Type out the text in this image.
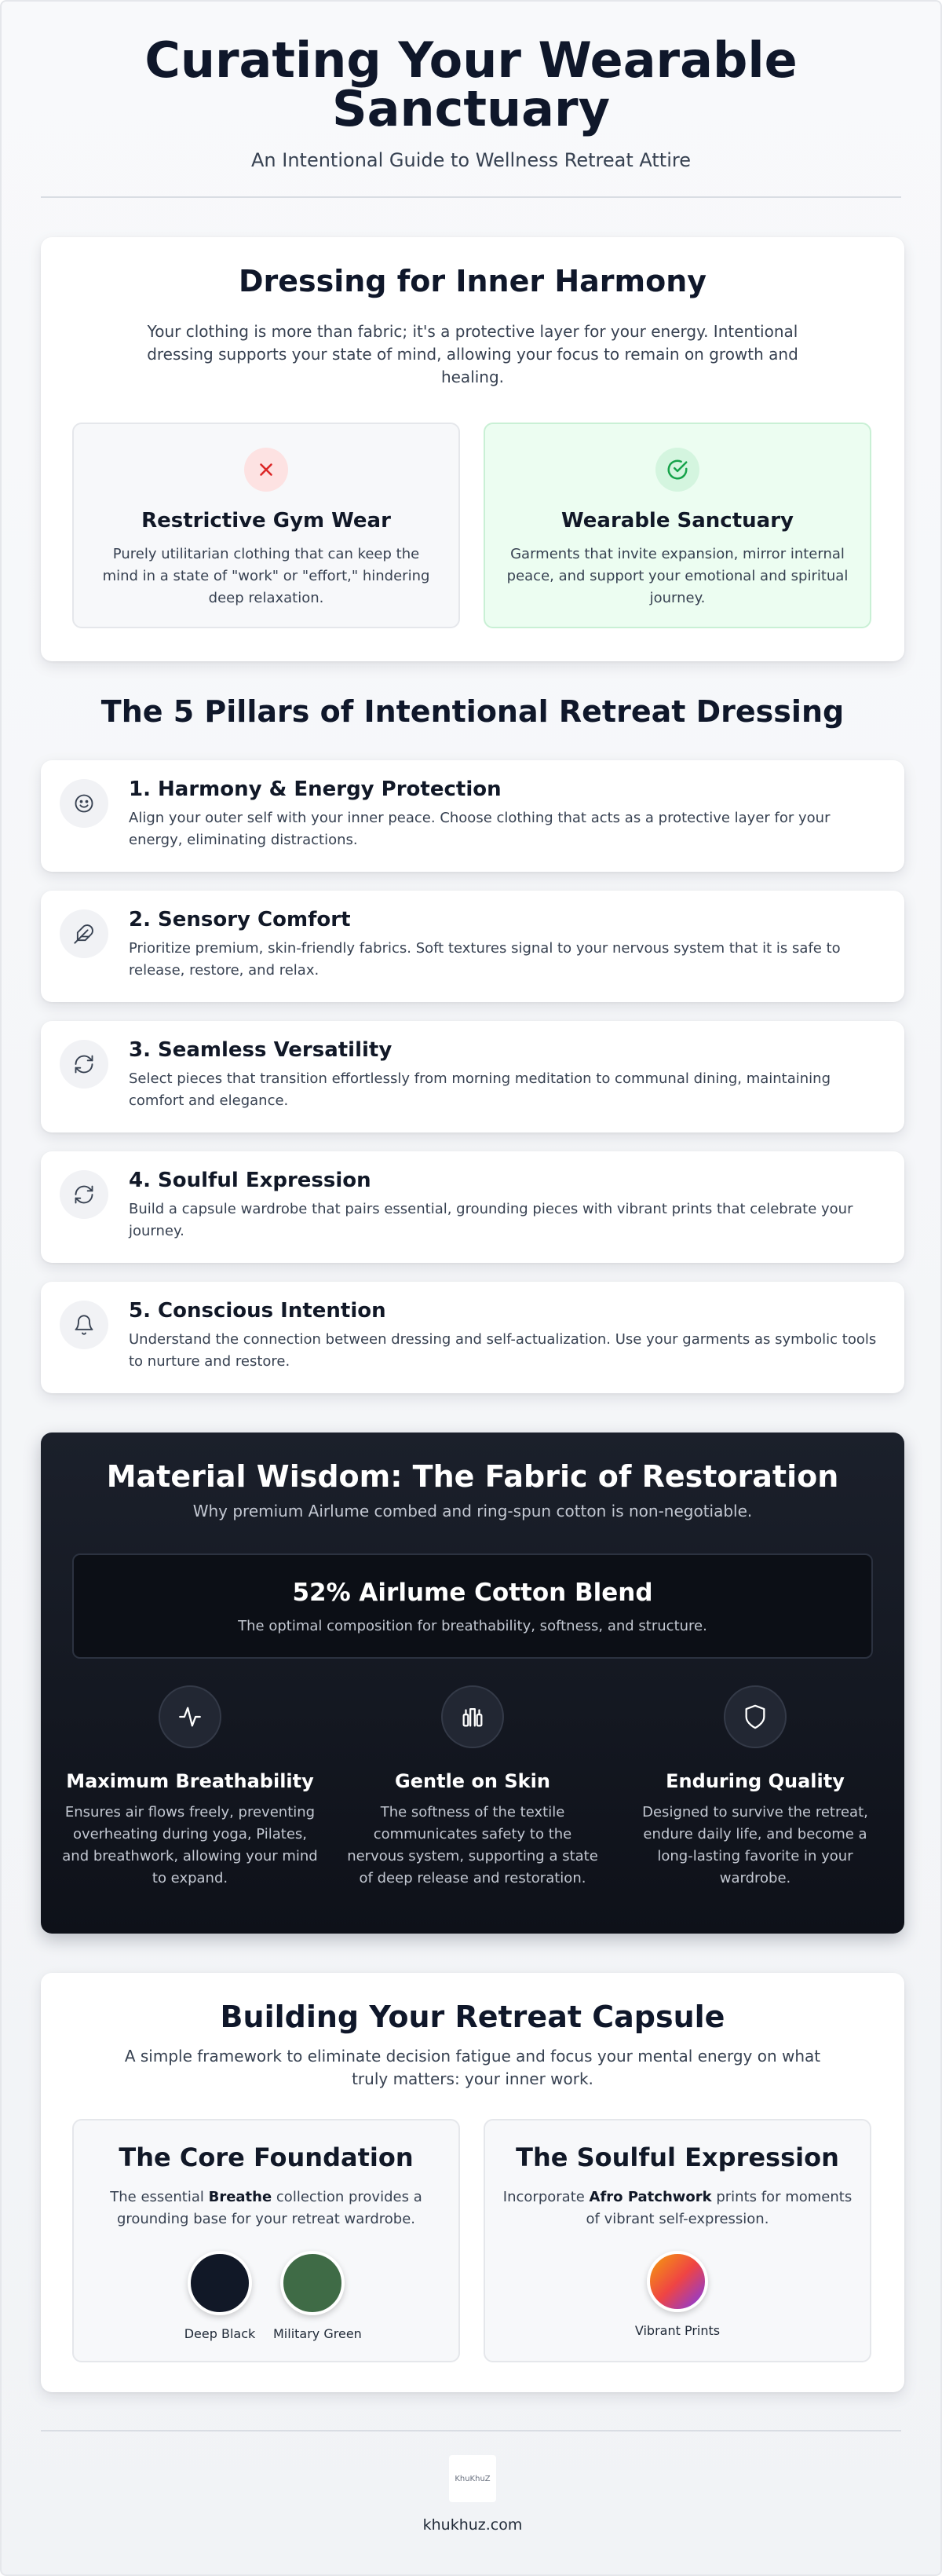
Curating Your Wearable Sanctuary
An Intentional Guide to Wellness Retreat Attire
Dressing for Inner Harmony
Your clothing is more than fabric; it's a protective layer for your energy. Intentional dressing supports your state of mind, allowing your focus to remain on growth and healing.
Restrictive Gym Wear
Purely utilitarian clothing that can keep the mind in a state of "work" or "effort," hindering deep relaxation.
Wearable Sanctuary
Garments that invite expansion, mirror internal peace, and support your emotional and spiritual journey.
The 5 Pillars of Intentional Retreat Dressing
1. Harmony & Energy Protection
Align your outer self with your inner peace. Choose clothing that acts as a protective layer for your energy, eliminating distractions.
2. Sensory Comfort
Prioritize premium, skin-friendly fabrics. Soft textures signal to your nervous system that it is safe to release, restore, and relax.
3. Seamless Versatility
Select pieces that transition effortlessly from morning meditation to communal dining, maintaining comfort and elegance.
4. Soulful Expression
Build a capsule wardrobe that pairs essential, grounding pieces with vibrant prints that celebrate your journey.
5. Conscious Intention
Understand the connection between dressing and self-actualization. Use your garments as symbolic tools to nurture and restore.
Material Wisdom: The Fabric of Restoration
Why premium Airlume combed and ring-spun cotton is non-negotiable.
52% Airlume Cotton Blend
The optimal composition for breathability, softness, and structure.
Maximum Breathability
Ensures air flows freely, preventing overheating during yoga, Pilates, and breathwork, allowing your mind to expand.
Gentle on Skin
The softness of the textile communicates safety to the nervous system, supporting a state of deep release and restoration.
Enduring Quality
Designed to survive the retreat, endure daily life, and become a long-lasting favorite in your wardrobe.
Building Your Retreat Capsule
A simple framework to eliminate decision fatigue and focus your mental energy on what truly matters: your inner work.
The Core Foundation
The essential Breathe collection provides a grounding base for your retreat wardrobe.
Deep Black Military Green
The Soulful Expression
Incorporate Afro Patchwork prints for moments of vibrant self-expression.
Vibrant Prints
KhuKhuZ
khukhuz.com
